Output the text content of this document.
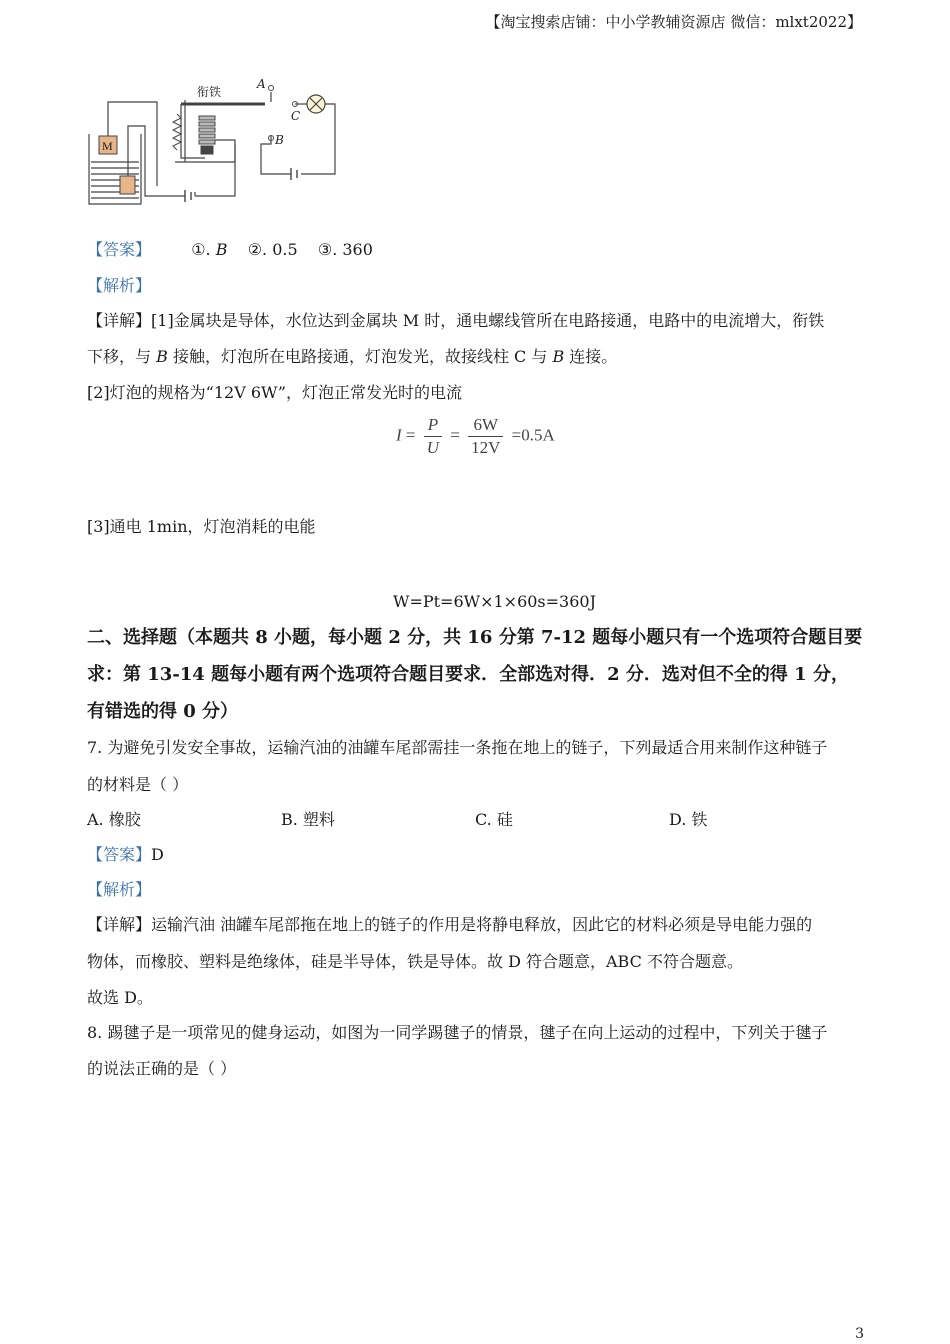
【淘宝搜索店铺：中小学教辅资源店 微信：mlxt2022】
M
衔铁
A
C
B
【答案】	①. B ②. 0.5 ③. 360
【解析】
【详解】[1]金属块是导体，水位达到金属块 M 时，通电螺线管所在电路接通，电路中的电流增大，衔铁
下移，与 B 接触，灯泡所在电路接通，灯泡发光，故接线柱 C 与 B 连接。
[2]灯泡的规格为“12V 6W”，灯泡正常发光时的电流
$I = \frac{P}{U} = \frac{6W}{12V} =0.5A$
[3]通电 1min，灯泡消耗的电能
W=Pt=6W×1×60s=360J
二、选择题（本题共 8 小题，每小题 2 分，共 16 分第 7-12 题每小题只有一个选项符合题目要
求：第 13-14 题每小题有两个选项符合题目要求．全部选对得．2 分．选对但不全的得 1 分，
有错选的得 0 分）
7. 为避免引发安全事故，运输汽油的油罐车尾部需挂一条拖在地上的链子，下列最适合用来制作这种链子
的材料是（ ）
A. 橡胶	B. 塑料	C. 硅	D. 铁
【答案】D
【解析】
【详解】运输汽油 油罐车尾部拖在地上的链子的作用是将静电释放，因此它的材料必须是导电能力强的
物体，而橡胶、塑料是绝缘体，硅是半导体，铁是导体。故 D 符合题意，ABC 不符合题意。
故选 D。
8. 踢毽子是一项常见的健身运动，如图为一同学踢毽子的情景，毽子在向上运动的过程中，下列关于毽子
的说法正确的是（ ）
3
